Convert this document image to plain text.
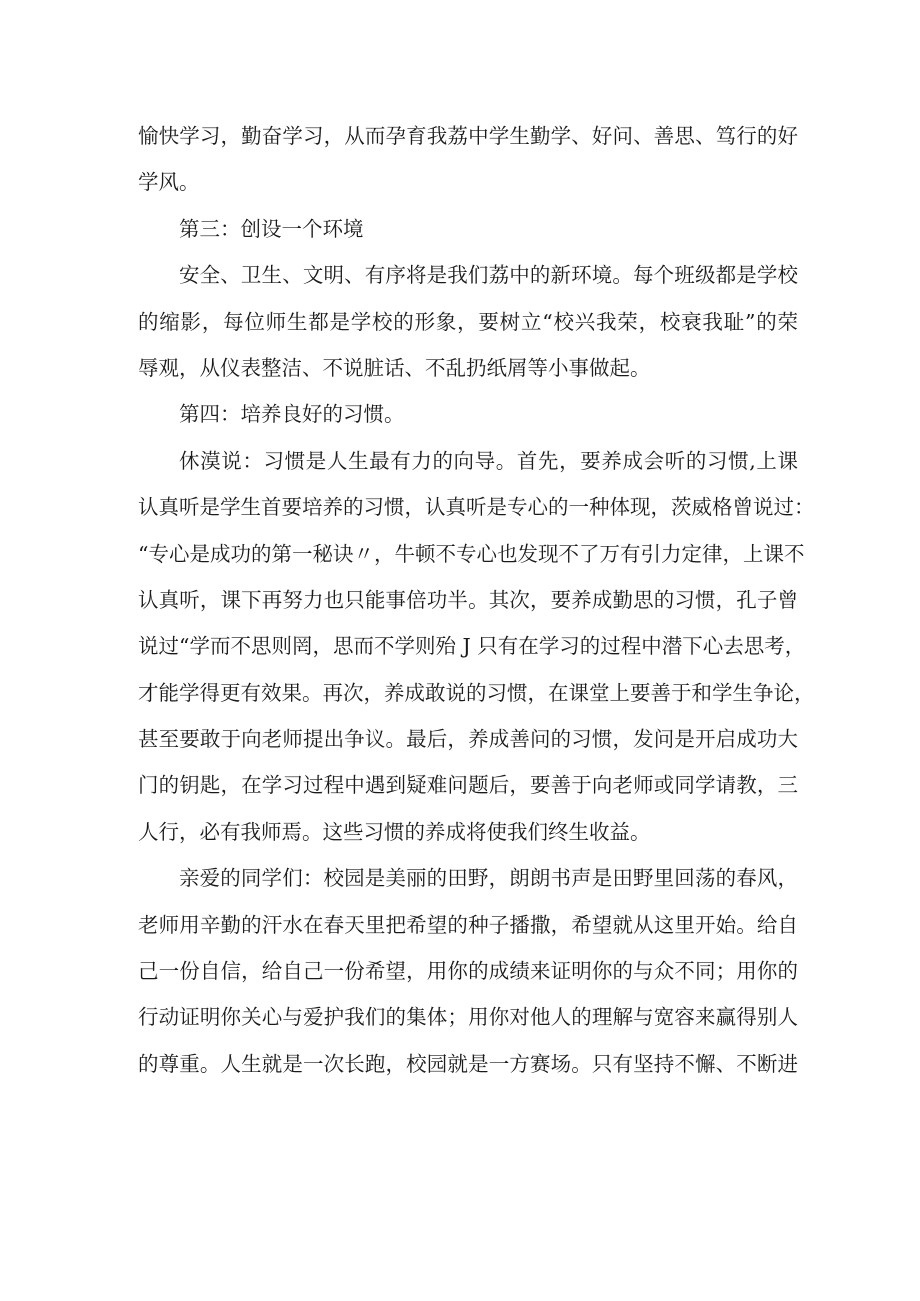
愉快学习，勤奋学习，从而孕育我荔中学生勤学、好问、善思、笃行的好

学风。

第三：创设一个环境

安全、卫生、文明、有序将是我们荔中的新环境。每个班级都是学校

的缩影，每位师生都是学校的形象，要树立“校兴我荣，校衰我耻”的荣

辱观，从仪表整洁、不说脏话、不乱扔纸屑等小事做起。

第四：培养良好的习惯。

休漠说：习惯是人生最有力的向导。首先，要养成会听的习惯,上课

认真听是学生首要培养的习惯，认真听是专心的一种体现，茨威格曾说过：

“专心是成功的第一秘诀〃，牛顿不专心也发现不了万有引力定律，上课不

认真听，课下再努力也只能事倍功半。其次，要养成勤思的习惯，孔子曾

说过“学而不思则罔，思而不学则殆 J 只有在学习的过程中潜下心去思考，

才能学得更有效果。再次，养成敢说的习惯，在课堂上要善于和学生争论，

甚至要敢于向老师提出争议。最后，养成善问的习惯，发问是开启成功大

门的钥匙，在学习过程中遇到疑难问题后，要善于向老师或同学请教，三

人行，必有我师焉。这些习惯的养成将使我们终生收益。

亲爱的同学们：校园是美丽的田野，朗朗书声是田野里回荡的春风，

老师用辛勤的汗水在春天里把希望的种子播撒，希望就从这里开始。给自

己一份自信，给自己一份希望，用你的成绩来证明你的与众不同；用你的

行动证明你关心与爱护我们的集体；用你对他人的理解与宽容来赢得别人

的尊重。人生就是一次长跑，校园就是一方赛场。只有坚持不懈、不断进
